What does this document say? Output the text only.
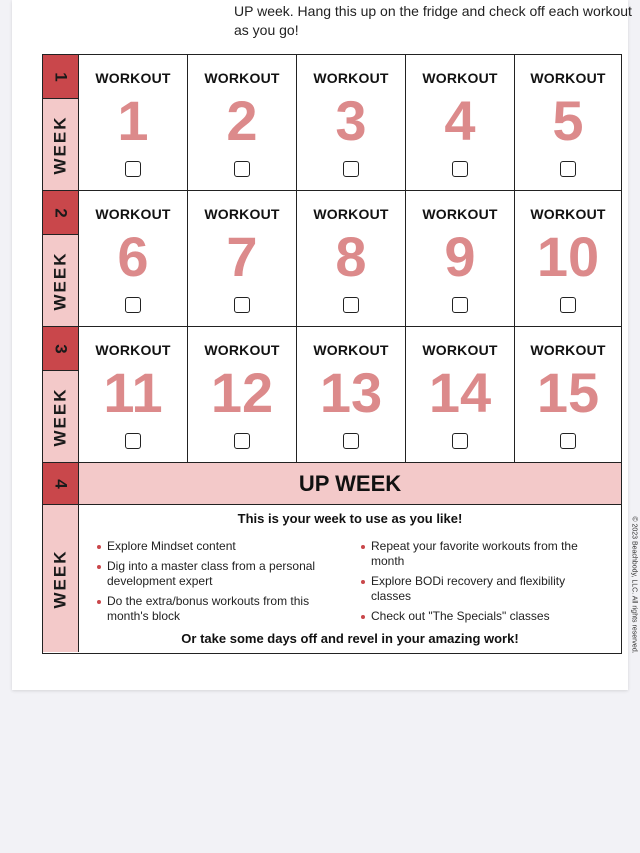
UP week. Hang this up on the fridge and check off each workout as you go!
1
WEEK
WORKOUT
1
WORKOUT
2
WORKOUT
3
WORKOUT
4
WORKOUT
5
2
WEEK
WORKOUT
6
WORKOUT
7
WORKOUT
8
WORKOUT
9
WORKOUT
10
3
WEEK
WORKOUT
11
WORKOUT
12
WORKOUT
13
WORKOUT
14
WORKOUT
15
4
WEEK
UP WEEK
This is your week to use as you like!
Explore Mindset content
Dig into a master class from a personal development expert
Do the extra/bonus workouts from this month's block
Repeat your favorite workouts from the month
Explore BODi recovery and flexibility classes
Check out "The Specials" classes
Or take some days off and revel in your amazing work!	© 2023 Beachbody, LLC. All rights reserved.
